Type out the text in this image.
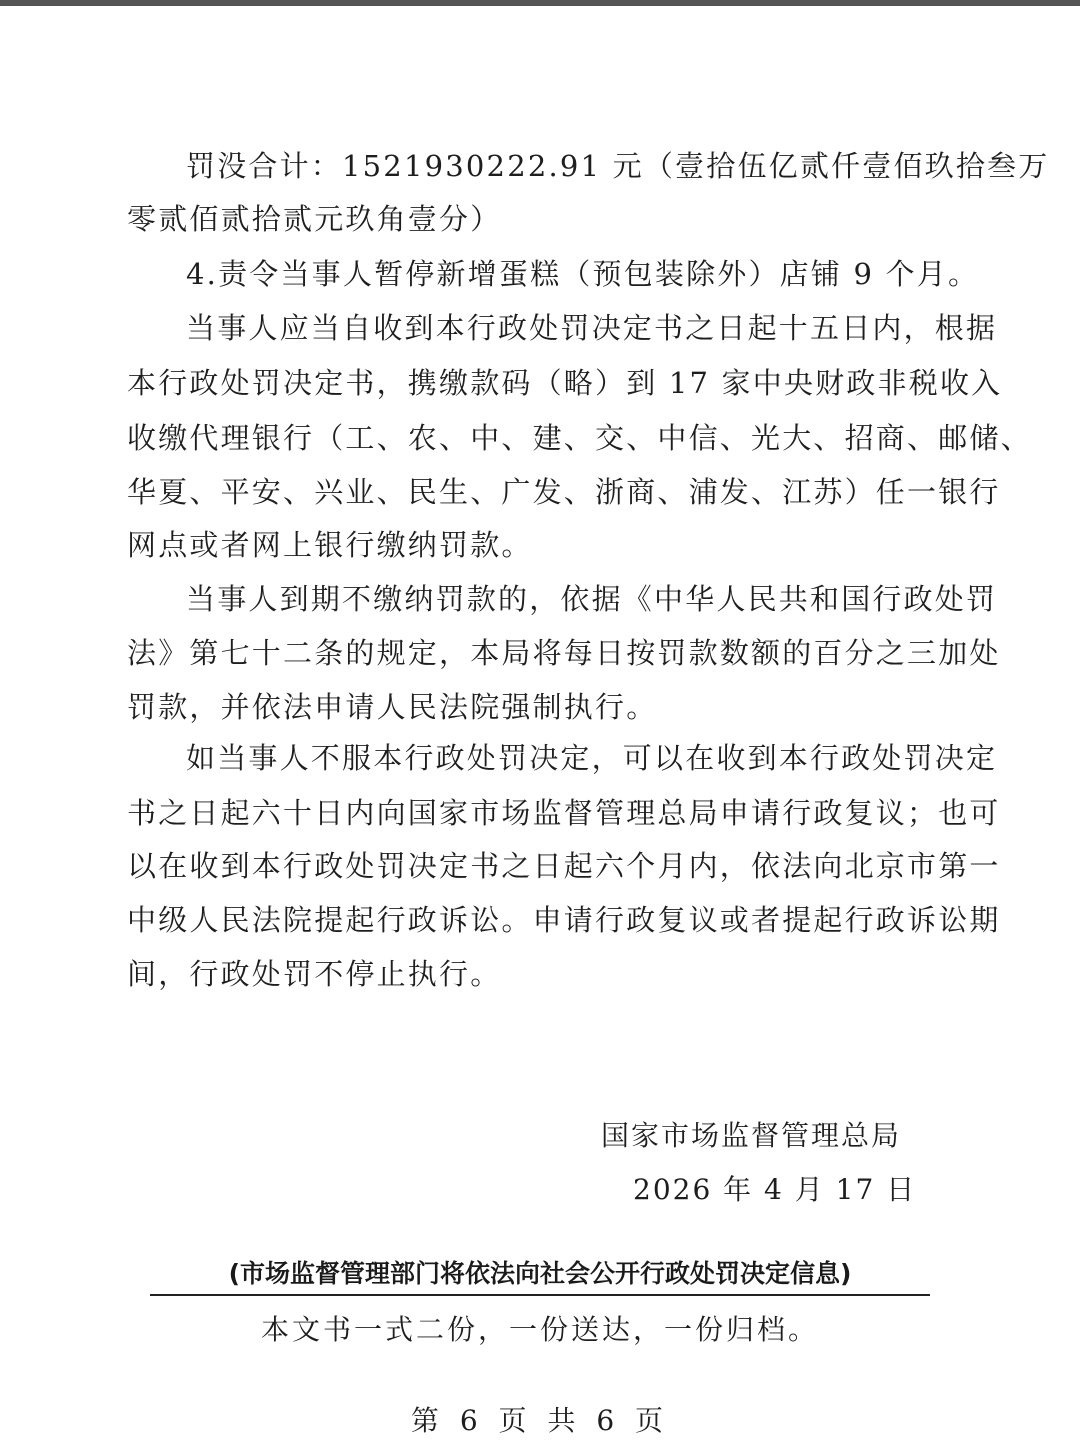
罚没合计：1521930222.91 元（壹拾伍亿贰仟壹佰玖拾叁万
零贰佰贰拾贰元玖角壹分）
4.责令当事人暂停新增蛋糕（预包装除外）店铺 9 个月。
当事人应当自收到本行政处罚决定书之日起十五日内，根据
本行政处罚决定书，携缴款码（略）到 17 家中央财政非税收入
收缴代理银行（工、农、中、建、交、中信、光大、招商、邮储、
华夏、平安、兴业、民生、广发、浙商、浦发、江苏）任一银行
网点或者网上银行缴纳罚款。
当事人到期不缴纳罚款的，依据《中华人民共和国行政处罚
法》第七十二条的规定，本局将每日按罚款数额的百分之三加处
罚款，并依法申请人民法院强制执行。
如当事人不服本行政处罚决定，可以在收到本行政处罚决定
书之日起六十日内向国家市场监督管理总局申请行政复议；也可
以在收到本行政处罚决定书之日起六个月内，依法向北京市第一
中级人民法院提起行政诉讼。申请行政复议或者提起行政诉讼期
间，行政处罚不停止执行。
国家市场监督管理总局
2026 年 4 月 17 日
(市场监督管理部门将依法向社会公开行政处罚决定信息)
本文书一式二份，一份送达，一份归档。
第 6 页 共 6 页
